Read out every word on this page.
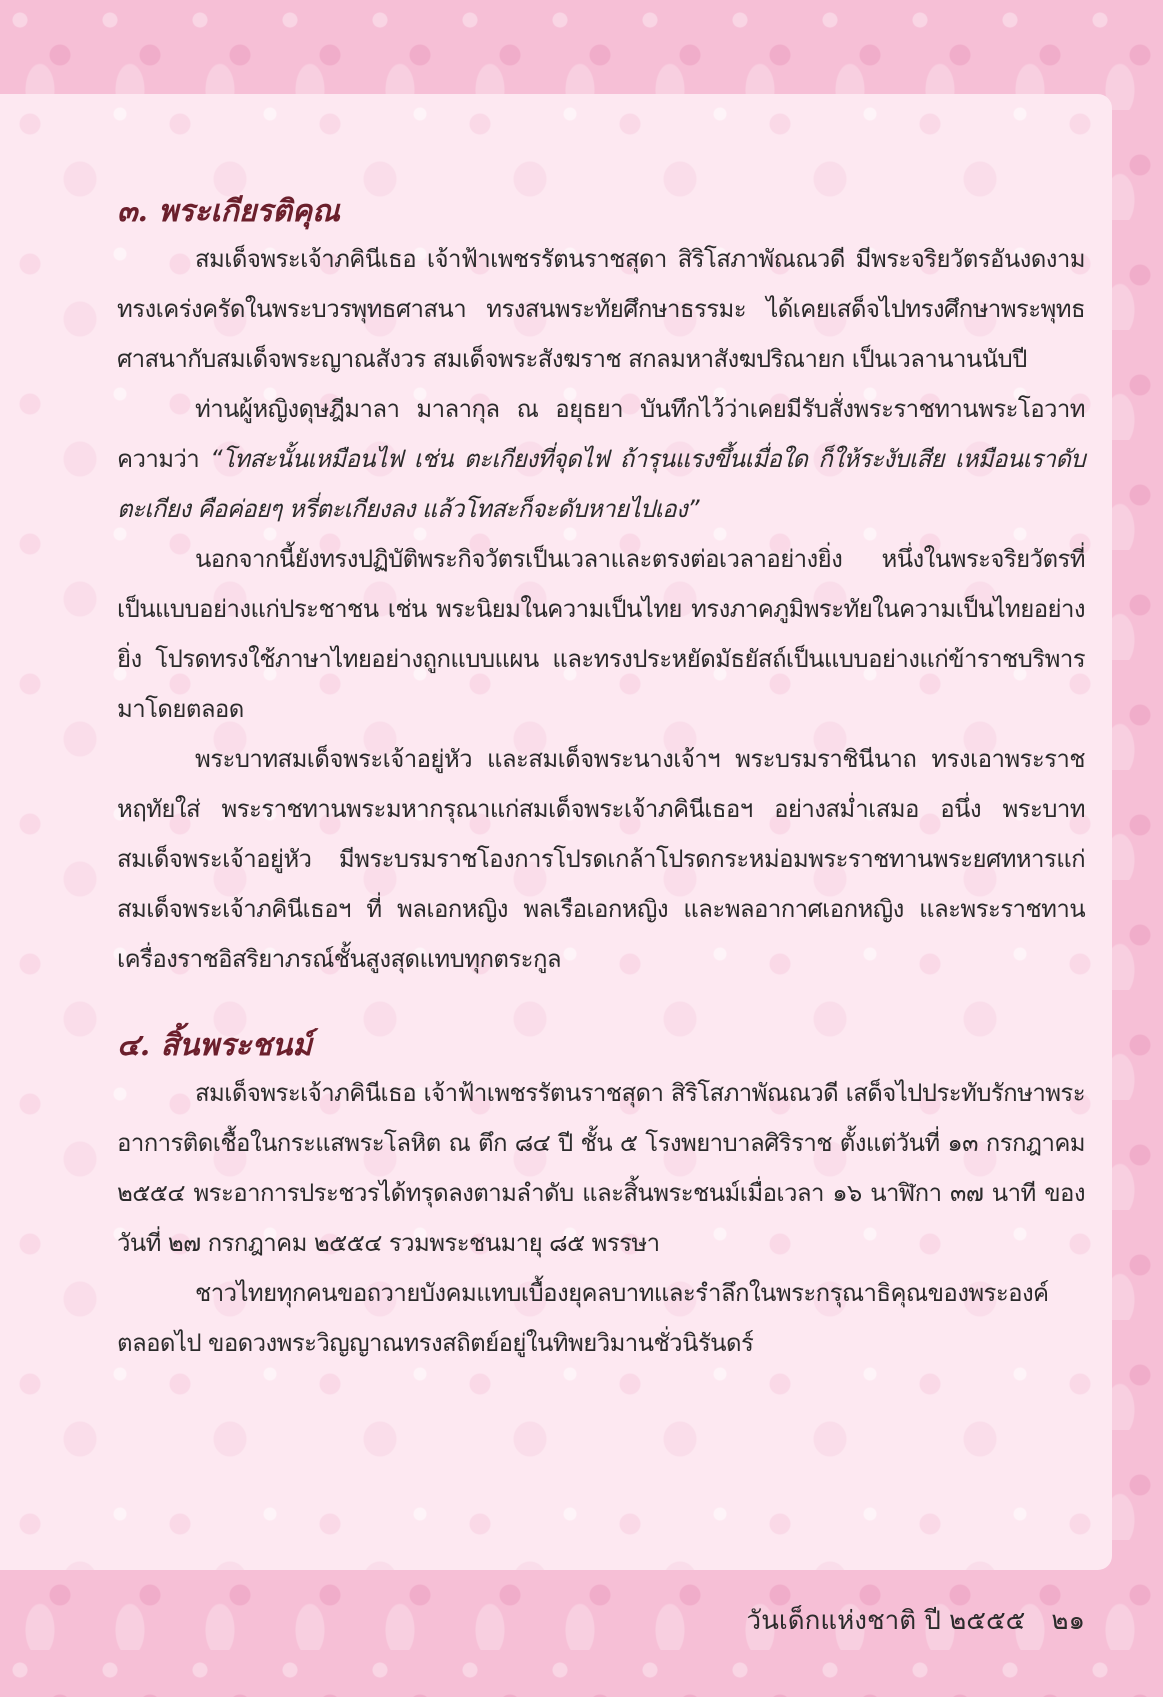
๓. พระเกียรติคุณ

สมเด็จพระเจ้าภคินีเธอ เจ้าฟ้าเพชรรัตนราชสุดา สิริโสภาพัณณวดี มีพระจริยวัตรอันงดงาม ทรงเคร่งครัดในพระบวรพุทธศาสนา ทรงสนพระทัยศึกษาธรรมะ ได้เคยเสด็จไปทรงศึกษาพระพุทธศาสนากับสมเด็จพระญาณสังวร สมเด็จพระสังฆราช สกลมหาสังฆปริณายก เป็นเวลานานนับปี

ท่านผู้หญิงดุษฎีมาลา มาลากุล ณ อยุธยา บันทึกไว้ว่าเคยมีรับสั่งพระราชทานพระโอวาทความว่า “โทสะนั้นเหมือนไฟ เช่น ตะเกียงที่จุดไฟ ถ้ารุนแรงขึ้นเมื่อใด ก็ให้ระงับเสีย เหมือนเราดับตะเกียง คือค่อยๆ หรี่ตะเกียงลง แล้วโทสะก็จะดับหายไปเอง”

นอกจากนี้ยังทรงปฏิบัติพระกิจวัตรเป็นเวลาและตรงต่อเวลาอย่างยิ่ง หนึ่งในพระจริยวัตรที่เป็นแบบอย่างแก่ประชาชน เช่น พระนิยมในความเป็นไทย ทรงภาคภูมิพระทัยในความเป็นไทยอย่างยิ่ง โปรดทรงใช้ภาษาไทยอย่างถูกแบบแผน และทรงประหยัดมัธยัสถ์เป็นแบบอย่างแก่ข้าราชบริพารมาโดยตลอด

พระบาทสมเด็จพระเจ้าอยู่หัว และสมเด็จพระนางเจ้าฯ พระบรมราชินีนาถ ทรงเอาพระราชหฤทัยใส่ พระราชทานพระมหากรุณาแก่สมเด็จพระเจ้าภคินีเธอฯ อย่างสม่ำเสมอ อนึ่ง พระบาทสมเด็จพระเจ้าอยู่หัว มีพระบรมราชโองการโปรดเกล้าโปรดกระหม่อมพระราชทานพระยศทหารแก่สมเด็จพระเจ้าภคินีเธอฯ ที่ พลเอกหญิง พลเรือเอกหญิง และพลอากาศเอกหญิง และพระราชทานเครื่องราชอิสริยาภรณ์ชั้นสูงสุดแทบทุกตระกูล

๔. สิ้นพระชนม์

สมเด็จพระเจ้าภคินีเธอ เจ้าฟ้าเพชรรัตนราชสุดา สิริโสภาพัณณวดี เสด็จไปประทับรักษาพระอาการติดเชื้อในกระแสพระโลหิต ณ ตึก ๘๔ ปี ชั้น ๕ โรงพยาบาลศิริราช ตั้งแต่วันที่ ๑๓ กรกฎาคม ๒๕๕๔ พระอาการประชวรได้ทรุดลงตามลำดับ และสิ้นพระชนม์เมื่อเวลา ๑๖ นาฬิกา ๓๗ นาที ของวันที่ ๒๗ กรกฎาคม ๒๕๕๔ รวมพระชนมายุ ๘๕ พรรษา

ชาวไทยทุกคนขอถวายบังคมแทบเบื้องยุคลบาทและรำลึกในพระกรุณาธิคุณของพระองค์ตลอดไป ขอดวงพระวิญญาณทรงสถิตย์อยู่ในทิพยวิมานชั่วนิรันดร์

วันเด็กแห่งชาติ ปี ๒๕๕๕ ๒๑
